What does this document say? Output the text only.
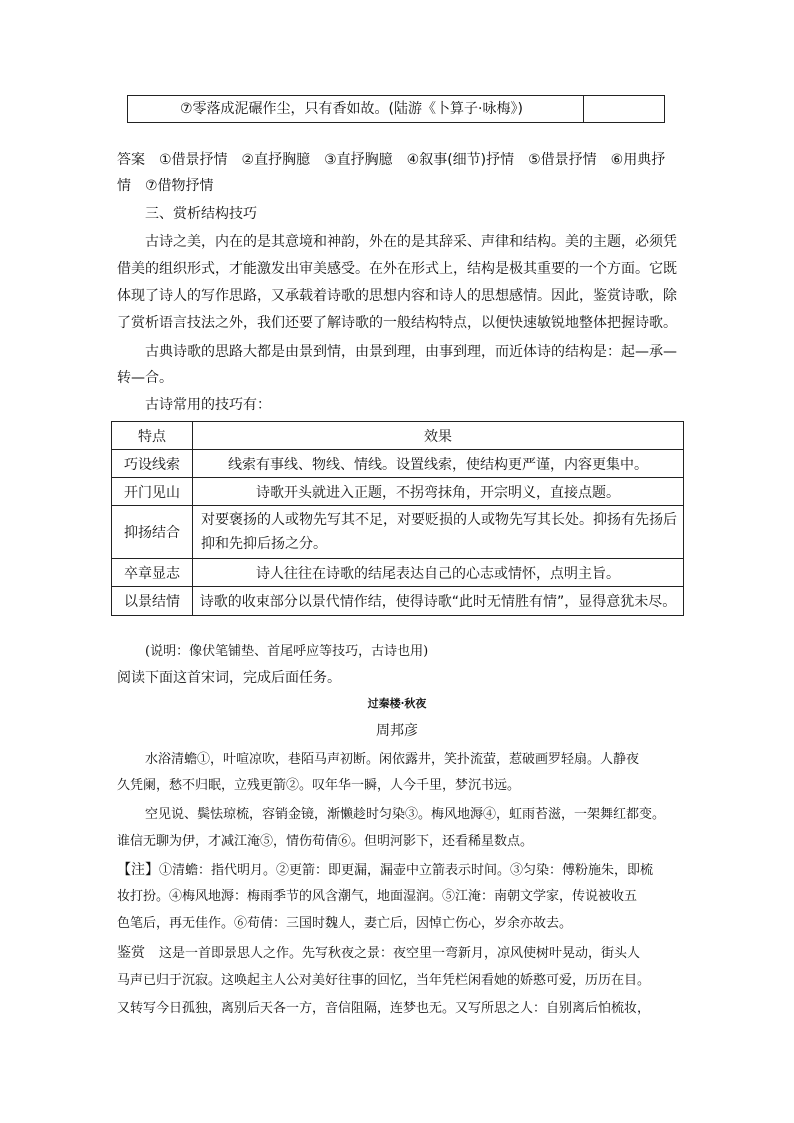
⑦零落成泥碾作尘，只有香如故。(陆游《卜算子·咏梅》)
答案　①借景抒情　②直抒胸臆　③直抒胸臆　④叙事(细节)抒情　⑤借景抒情　⑥用典抒
情　⑦借物抒情
三、赏析结构技巧
古诗之美，内在的是其意境和神韵，外在的是其辞采、声律和结构。美的主题，必须凭
借美的组织形式，才能激发出审美感受。在外在形式上，结构是极其重要的一个方面。它既
体现了诗人的写作思路，又承载着诗歌的思想内容和诗人的思想感情。因此，鉴赏诗歌，除
了赏析语言技法之外，我们还要了解诗歌的一般结构特点，以便快速敏锐地整体把握诗歌。
古典诗歌的思路大都是由景到情，由景到理，由事到理，而近体诗的结构是：起—承—
转—合。
古诗常用的技巧有：
特点	效果
巧设线索	线索有事线、物线、情线。设置线索，使结构更严谨，内容更集中。
开门见山	诗歌开头就进入正题，不拐弯抹角，开宗明义，直接点题。
抑扬结合	对要褒扬的人或物先写其不足，对要贬损的人或物先写其长处。抑扬有先扬后
抑和先抑后扬之分。

卒章显志	诗人往往在诗歌的结尾表达自己的心志或情怀，点明主旨。
以景结情	诗歌的收束部分以景代情作结，使得诗歌“此时无情胜有情”，显得意犹未尽。
(说明：像伏笔铺垫、首尾呼应等技巧，古诗也用)
阅读下面这首宋词，完成后面任务。
过秦楼·秋夜
周邦彦
水浴清蟾①，叶喧凉吹，巷陌马声初断。闲依露井，笑扑流萤，惹破画罗轻扇。人静夜
久凭阑，愁不归眠，立残更箭②。叹年华一瞬，人今千里，梦沉书远。
空见说、鬓怯琼梳，容销金镜，渐懒趁时匀染③。梅风地溽④，虹雨苔滋，一架舞红都变。
谁信无聊为伊，才减江淹⑤，情伤荀倩⑥。但明河影下，还看稀星数点。
【注】①清蟾：指代明月。②更箭：即更漏，漏壶中立箭表示时间。③匀染：傅粉施朱，即梳
妆打扮。④梅风地溽：梅雨季节的风含潮气，地面湿润。⑤江淹：南朝文学家，传说被收五
色笔后，再无佳作。⑥荀倩：三国时魏人，妻亡后，因悼亡伤心，岁余亦故去。
鉴赏　 这是一首即景思人之作。先写秋夜之景：夜空里一弯新月，凉风使树叶晃动，街头人
马声已归于沉寂。这唤起主人公对美好往事的回忆，当年凭栏闲看她的娇憨可爱，历历在目。
又转写今日孤独，离别后天各一方，音信阻隔，连梦也无。又写所思之人：自别离后怕梳妆，
